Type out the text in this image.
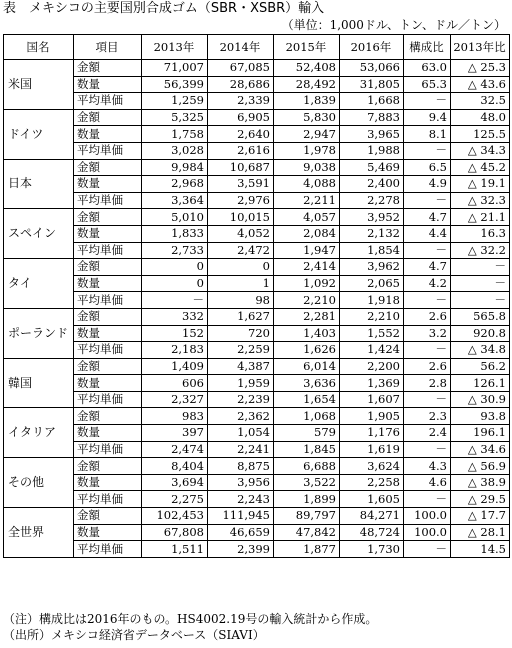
表　メキシコの主要国別合成ゴム（SBR・XSBR）輸入
（単位：1,000ドル、トン、ドル／トン）
国名	項目	2013年	2014年	2015年	2016年	構成比	2013年比
米国	金額	71,007	67,085	52,408	53,066	63.0	△ 25.3
	数量	56,399	28,686	28,492	31,805	65.3	△ 43.6
	平均単価	1,259	2,339	1,839	1,668	－	32.5
ドイツ	金額	5,325	6,905	5,830	7,883	9.4	48.0
	数量	1,758	2,640	2,947	3,965	8.1	125.5
	平均単価	3,028	2,616	1,978	1,988	－	△ 34.3
日本	金額	9,984	10,687	9,038	5,469	6.5	△ 45.2
	数量	2,968	3,591	4,088	2,400	4.9	△ 19.1
	平均単価	3,364	2,976	2,211	2,278	－	△ 32.3
スペイン	金額	5,010	10,015	4,057	3,952	4.7	△ 21.1
	数量	1,833	4,052	2,084	2,132	4.4	16.3
	平均単価	2,733	2,472	1,947	1,854	－	△ 32.2
タイ	金額	0	0	2,414	3,962	4.7	－
	数量	0	1	1,092	2,065	4.2	－
	平均単価	－	98	2,210	1,918	－	－
ポーランド	金額	332	1,627	2,281	2,210	2.6	565.8
	数量	152	720	1,403	1,552	3.2	920.8
	平均単価	2,183	2,259	1,626	1,424	－	△ 34.8
韓国	金額	1,409	4,387	6,014	2,200	2.6	56.2
	数量	606	1,959	3,636	1,369	2.8	126.1
	平均単価	2,327	2,239	1,654	1,607	－	△ 30.9
イタリア	金額	983	2,362	1,068	1,905	2.3	93.8
	数量	397	1,054	579	1,176	2.4	196.1
	平均単価	2,474	2,241	1,845	1,619	－	△ 34.6
その他	金額	8,404	8,875	6,688	3,624	4.3	△ 56.9
	数量	3,694	3,956	3,522	2,258	4.6	△ 38.9
	平均単価	2,275	2,243	1,899	1,605	－	△ 29.5
全世界	金額	102,453	111,945	89,797	84,271	100.0	△ 17.7
	数量	67,808	46,659	47,842	48,724	100.0	△ 28.1
	平均単価	1,511	2,399	1,877	1,730	－	14.5
（注）構成比は2016年のもの。HS4002.19号の輸入統計から作成。
（出所）メキシコ経済省データベース（SIAVI）
